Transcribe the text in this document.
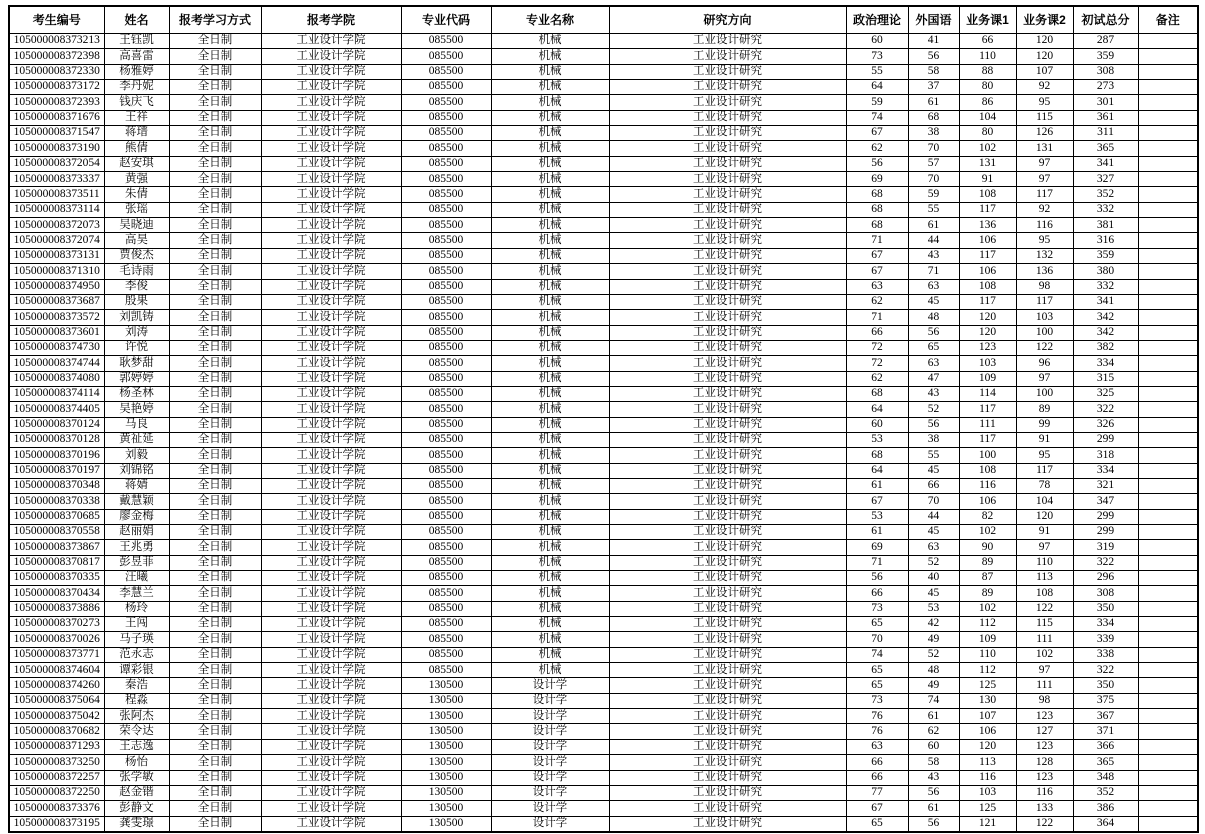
考生编号	姓名	报考学习方式	报考学院	专业代码	专业名称	研究方向	政治理论	外国语	业务课1	业务课2	初试总分	备注
105000008373213	王钰凯	全日制	工业设计学院	085500	机械	工业设计研究	60	41	66	120	287	
105000008372398	高喜雷	全日制	工业设计学院	085500	机械	工业设计研究	73	56	110	120	359	
105000008372330	杨雅婷	全日制	工业设计学院	085500	机械	工业设计研究	55	58	88	107	308	
105000008373172	李丹妮	全日制	工业设计学院	085500	机械	工业设计研究	64	37	80	92	273	
105000008372393	钱庆飞	全日制	工业设计学院	085500	机械	工业设计研究	59	61	86	95	301	
105000008371676	王祥	全日制	工业设计学院	085500	机械	工业设计研究	74	68	104	115	361	
105000008371547	蒋瑨	全日制	工业设计学院	085500	机械	工业设计研究	67	38	80	126	311	
105000008373190	熊倩	全日制	工业设计学院	085500	机械	工业设计研究	62	70	102	131	365	
105000008372054	赵安琪	全日制	工业设计学院	085500	机械	工业设计研究	56	57	131	97	341	
105000008373337	黄强	全日制	工业设计学院	085500	机械	工业设计研究	69	70	91	97	327	
105000008373511	朱倩	全日制	工业设计学院	085500	机械	工业设计研究	68	59	108	117	352	
105000008373114	张瑶	全日制	工业设计学院	085500	机械	工业设计研究	68	55	117	92	332	
105000008372073	吴晓迪	全日制	工业设计学院	085500	机械	工业设计研究	68	61	136	116	381	
105000008372074	高昊	全日制	工业设计学院	085500	机械	工业设计研究	71	44	106	95	316	
105000008373131	贾俊杰	全日制	工业设计学院	085500	机械	工业设计研究	67	43	117	132	359	
105000008371310	毛诗雨	全日制	工业设计学院	085500	机械	工业设计研究	67	71	106	136	380	
105000008374950	李俊	全日制	工业设计学院	085500	机械	工业设计研究	63	63	108	98	332	
105000008373687	殷果	全日制	工业设计学院	085500	机械	工业设计研究	62	45	117	117	341	
105000008373572	刘凯铸	全日制	工业设计学院	085500	机械	工业设计研究	71	48	120	103	342	
105000008373601	刘涛	全日制	工业设计学院	085500	机械	工业设计研究	66	56	120	100	342	
105000008374730	许悦	全日制	工业设计学院	085500	机械	工业设计研究	72	65	123	122	382	
105000008374744	耿梦甜	全日制	工业设计学院	085500	机械	工业设计研究	72	63	103	96	334	
105000008374080	郭婷婷	全日制	工业设计学院	085500	机械	工业设计研究	62	47	109	97	315	
105000008374114	杨圣林	全日制	工业设计学院	085500	机械	工业设计研究	68	43	114	100	325	
105000008374405	吴艳婷	全日制	工业设计学院	085500	机械	工业设计研究	64	52	117	89	322	
105000008370124	马良	全日制	工业设计学院	085500	机械	工业设计研究	60	56	111	99	326	
105000008370128	黄祉延	全日制	工业设计学院	085500	机械	工业设计研究	53	38	117	91	299	
105000008370196	刘毅	全日制	工业设计学院	085500	机械	工业设计研究	68	55	100	95	318	
105000008370197	刘锦铭	全日制	工业设计学院	085500	机械	工业设计研究	64	45	108	117	334	
105000008370348	蒋婧	全日制	工业设计学院	085500	机械	工业设计研究	61	66	116	78	321	
105000008370338	戴慧颖	全日制	工业设计学院	085500	机械	工业设计研究	67	70	106	104	347	
105000008370685	廖金梅	全日制	工业设计学院	085500	机械	工业设计研究	53	44	82	120	299	
105000008370558	赵丽娟	全日制	工业设计学院	085500	机械	工业设计研究	61	45	102	91	299	
105000008373867	王兆勇	全日制	工业设计学院	085500	机械	工业设计研究	69	63	90	97	319	
105000008370817	彭昱菲	全日制	工业设计学院	085500	机械	工业设计研究	71	52	89	110	322	
105000008370335	汪曦	全日制	工业设计学院	085500	机械	工业设计研究	56	40	87	113	296	
105000008370434	李慧兰	全日制	工业设计学院	085500	机械	工业设计研究	66	45	89	108	308	
105000008373886	杨玲	全日制	工业设计学院	085500	机械	工业设计研究	73	53	102	122	350	
105000008370273	王闯	全日制	工业设计学院	085500	机械	工业设计研究	65	42	112	115	334	
105000008370026	马子瑛	全日制	工业设计学院	085500	机械	工业设计研究	70	49	109	111	339	
105000008373771	范永志	全日制	工业设计学院	085500	机械	工业设计研究	74	52	110	102	338	
105000008374604	谭彩银	全日制	工业设计学院	085500	机械	工业设计研究	65	48	112	97	322	
105000008374260	秦浩	全日制	工业设计学院	130500	设计学	工业设计研究	65	49	125	111	350	
105000008375064	程淼	全日制	工业设计学院	130500	设计学	工业设计研究	73	74	130	98	375	
105000008375042	张阿杰	全日制	工业设计学院	130500	设计学	工业设计研究	76	61	107	123	367	
105000008370682	荣令达	全日制	工业设计学院	130500	设计学	工业设计研究	76	62	106	127	371	
105000008371293	王志逸	全日制	工业设计学院	130500	设计学	工业设计研究	63	60	120	123	366	
105000008373250	杨怡	全日制	工业设计学院	130500	设计学	工业设计研究	66	58	113	128	365	
105000008372257	张学敏	全日制	工业设计学院	130500	设计学	工业设计研究	66	43	116	123	348	
105000008372250	赵金锴	全日制	工业设计学院	130500	设计学	工业设计研究	77	56	103	116	352	
105000008373376	彭静文	全日制	工业设计学院	130500	设计学	工业设计研究	67	61	125	133	386	
105000008373195	龚雯璟	全日制	工业设计学院	130500	设计学	工业设计研究	65	56	121	122	364	
